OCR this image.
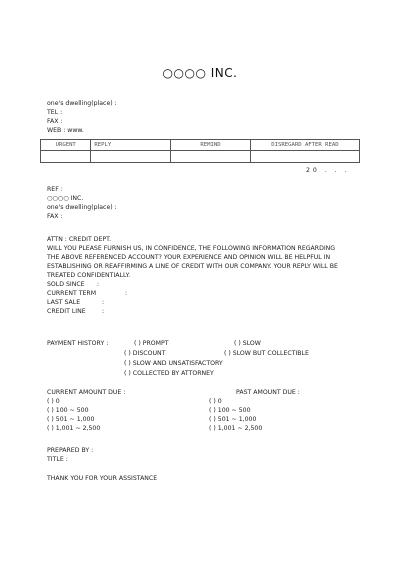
○○○○ INC.
one's dwelling(place) :
TEL :
FAX :
WEB : www.
URGENT	REPLY	REMIND	DISREGARD AFTER READ

20 . . .
REF :
○○○○ INC.
one's dwelling(place) :
FAX :
ATTN : CREDIT DEPT.
WILL YOU PLEASE FURNISH US, IN CONFIDENCE, THE FOLLOWING INFORMATION REGARDING
THE ABOVE REFERENCED ACCOUNT? YOUR EXPERIENCE AND OPINION WILL BE HELPFUL IN ESTABLISHING OR REAFFIRMING A LINE OF CREDIT WITH OUR COMPANY. YOUR REPLY WILL BE TREATED CONFIDENTIALLY.
SOLD SINCE	:
CURRENT TERM	:
LAST SALE	:
CREDIT LINE	:
PAYMENT HISTORY :	( ) PROMPT	( ) SLOW
( ) DISCOUNT	( ) SLOW BUT COLLECTIBLE
( ) SLOW AND UNSATISFACTORY
( ) COLLECTED BY ATTORNEY
CURRENT AMOUNT DUE :
( ) 0
( ) 100 ~ 500
( ) 501 ~ 1,000
( ) 1,001 ~ 2,500
PAST AMOUNT DUE :
( ) 0
( ) 100 ~ 500
( ) 501 ~ 1,000
( ) 1,001 ~ 2,500
PREPARED BY :
TITLE :
THANK YOU FOR YOUR ASSISTANCE
